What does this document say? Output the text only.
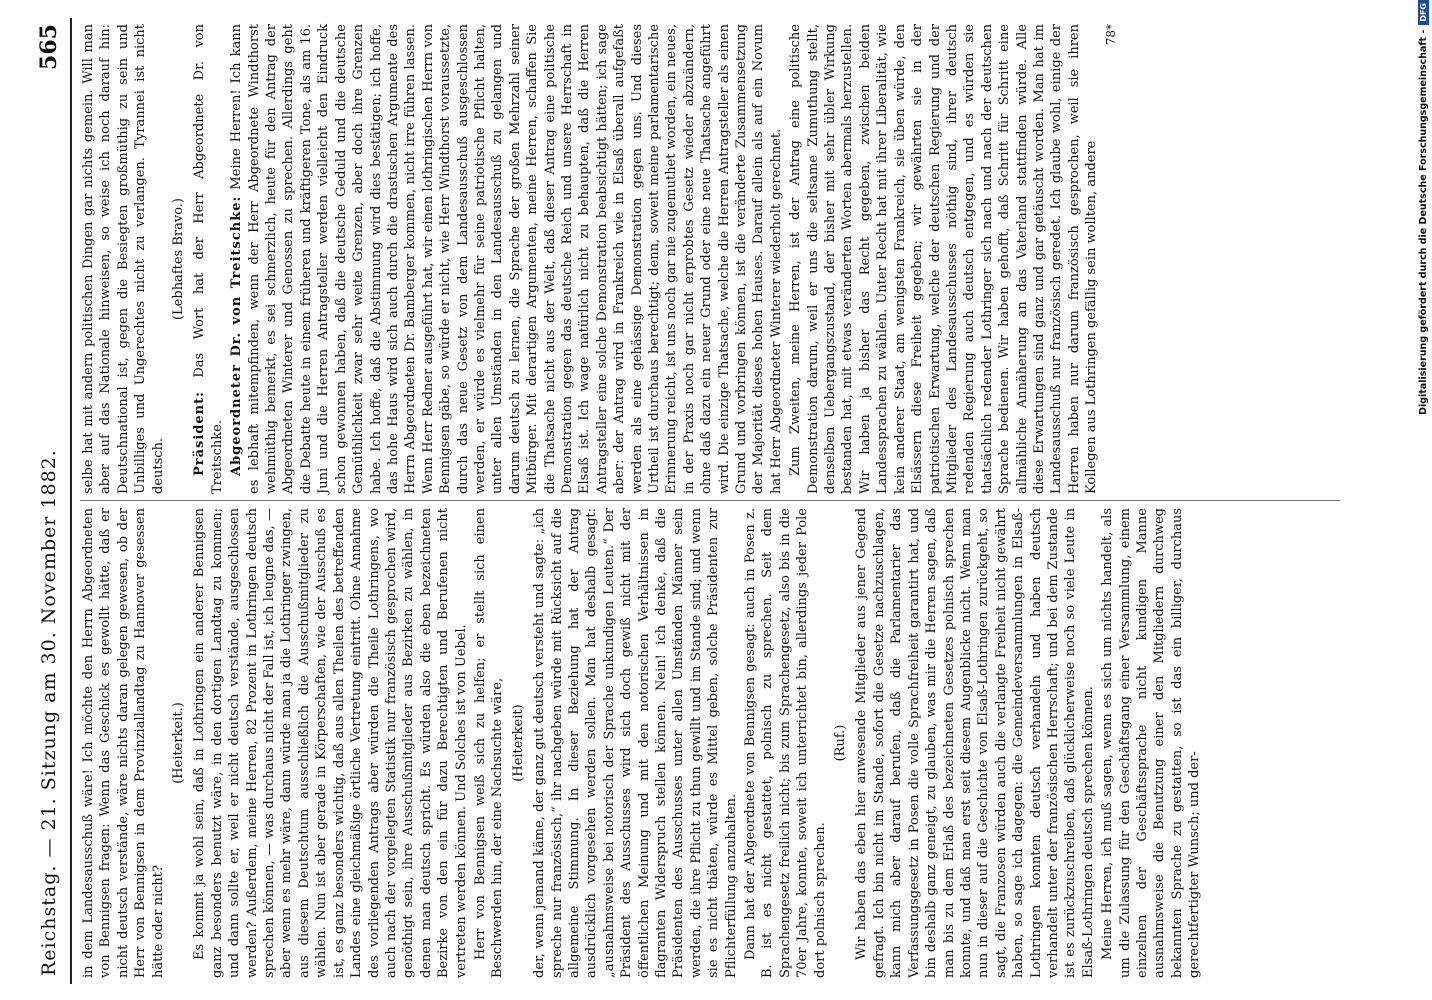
Reichstag. — 21. Sitzung am 30. November 1882.
565

in dem Landesausschuß wäre! Ich möchte den Herrn Abgeordneten von Bennigsen fragen: Wenn das Geschick es gewollt hätte, daß er nicht deutsch verstände, wäre nichts daran gelegen gewesen, ob der Herr von Bennigsen in dem Provinziallandtag zu Hannover gesessen hätte oder nicht?

(Heiterkeit.) Es kommt ja wohl sein, daß in Lothringen ein anderer Bennigsen ganz besonders benutzt wäre, in den dortigen Landtag zu kommen; und dann sollte er, weil er nicht deutsch verstände, ausgeschlossen werden? Außerdem, meine Herren, 82 Prozent in Lothringen deutsch sprechen können, — was durchaus nicht der Fall ist, ich leugne das, — aber wenn es mehr wäre, dann würde man ja die Lothringer zwingen, aus diesem Deutschtum ausschließlich die Ausschußmitglieder zu wählen. Nun ist aber gerade in Körperschaften, wie der Ausschuß es ist, es ganz besonders wichtig, daß aus allen Theilen des betreffenden Landes eine gleichmäßige örtliche Vertretung eintritt. Ohne Annahme des vorliegenden Antrags aber würden die Theile Lothringens, wo auch nach der vorgelegten Statistik nur französisch gesprochen wird, genöthigt sein, ihre Ausschußmitglieder aus Bezirken zu wählen, in denen man deutsch spricht. Es würden also die eben bezeichneten Bezirke von den ein für dazu Berechtigten und Berufenen nicht vertreten werden können. Und Solches ist von Uebel. Herr von Bennigsen weiß sich zu helfen; er stellt sich einen Beschwerden hin, der eine Nachsuchte wäre, (Heiterkeit) der, wenn jemand käme, der ganz gut deutsch versteht und sagte: „ich spreche nur französisch,“ ihr nachgeben würde mit Rücksicht auf die allgemeine Stimmung. In dieser Beziehung hat der Antrag ausdrücklich vorgesehen werden sollen. Man hat deshalb gesagt: „ausnahmsweise bei notorisch der Sprache unkundigen Leuten.“ Der Präsident des Ausschusses wird sich doch gewiß nicht mit der öffentlichen Meinung und mit den notorischen Verhältnissen in flagranten Widerspruch stellen können. Nein! ich denke, daß die Präsidenten des Ausschusses unter allen Umständen Männer sein werden, die ihre Pflicht zu thun gewillt und im Stande sind; und wenn sie es nicht thäten, würde es Mittel geben, solche Präsidenten zur Pflichterfüllung anzuhalten. Dann hat der Abgeordnete von Bennigsen gesagt: auch in Posen z. B. ist es nicht gestattet, polnisch zu sprechen. Seit dem Sprachengesetz freilich nicht; bis zum Sprachengesetz, also bis in die 70er Jahre, konnte, soweit ich unterrichtet bin, allerdings jeder Pole dort polnisch sprechen.

(Ruf.) Wir haben das eben hier anwesende Mitglieder aus jener Gegend gefragt. Ich bin nicht im Stande, sofort die Gesetze nachzuschlagen, kann mich aber darauf berufen, daß die Parlamentarier das Verfassungsgesetz in Posen die volle Sprachfreiheit garantirt hat, und bin deshalb ganz geneigt, zu glauben, was mir die Herren sagen, daß man bis zu dem Erlaß des bezeichneten Gesetzes polnisch sprechen konnte, und daß man erst seit diesem Augenblicke nicht. Wenn man nun in dieser auf die Geschichte von Elsaß-Lothringen zurückgeht, so sagt, die Franzosen würden auch die verlangte Freiheit nicht gewährt haben, so sage ich dagegen: die Gemeindeversammlungen in Elsaß-Lothringen konnten deutsch verhandeln und haben deutsch verhandelt unter der französischen Herrschaft; und bei dem Zustande ist es zurückzuschreiben, daß glücklicherweise noch so viele Leute in Elsaß-Lothringen deutsch sprechen können. Meine Herren, ich muß sagen, wenn es sich um nichts handelt, als um die Zulassung für den Geschäftsgang einer Versammlung, einem einzelnen der Geschäftssprache nicht kundigen Manne ausnahmsweise die Benutzung einer den Mitgliedern durchweg bekannten Sprache zu gestatten, so ist das ein billiger, durchaus gerechtfertigter Wunsch; und der-

selbe hat mit andern politischen Dingen gar nichts gemein. Will man aber auf das Nationale hinweisen, so weise ich noch darauf hin: Deutschnational ist, gegen die Besiegten großmüthig zu sein und Unbilliges und Ungerechtes nicht zu verlangen. Tyrannei ist nicht deutsch.

(Lebhaftes Bravo.)

Präsident: Das Wort hat der Herr Abgeordnete Dr. von Treitschke. Abgeordneter Dr. von Treitschke: Meine Herren! Ich kann es lebhaft mitempfinden, wenn der Herr Abgeordnete Windthorst wehmüthig bemerkt, es sei schmerzlich, heute für den Antrag der Abgeordneten Winterer und Genossen zu sprechen. Allerdings geht die Debatte heute in einem früheren und kräftigeren Tone, als am 16. Juni und die Herren Antragsteller werden vielleicht den Eindruck schon gewonnen haben, daß die deutsche Geduld und die deutsche Gemüthlichkeit zwar sehr weite Grenzen, aber doch ihre Grenzen habe. Ich hoffe, daß die Abstimmung wird dies bestätigen; ich hoffe, das hohe Haus wird sich auch durch die drastischen Argumente des Herrn Abgeordneten Dr. Bamberger kommen, nicht irre führen lassen. Wenn Herr Redner ausgeführt hat, wir einen lothringischen Herrn von Bennigsen gäbe, so würde er nicht, wie Herr Windthorst voraussetzte, durch das neue Gesetz von dem Landesausschuß ausgeschlossen werden, er würde es vielmehr für seine patriotische Pflicht halten, unter allen Umständen in den Landesausschuß zu gelangen und darum deutsch zu lernen, die Sprache der großen Mehrzahl seiner Mitbürger. Mit derartigen Argumenten, meine Herren, schaffen Sie die Thatsache nicht aus der Welt, daß dieser Antrag eine politische Demonstration gegen das deutsche Reich und unsere Herrschaft in Elsaß ist. Ich wage natürlich nicht zu behaupten, daß die Herren Antragsteller eine solche Demonstration beabsichtigt hätten; ich sage aber: der Antrag wird in Frankreich wie in Elsaß überall aufgefaßt werden als eine gehässige Demonstration gegen uns. Und dieses Urtheil ist durchaus berechtigt; denn, soweit meine parlamentarische Erinnerung reicht, ist uns noch gar nie zugemuthet worden, ein neues, in der Praxis noch gar nicht erprobtes Gesetz wieder abzuändern, ohne daß dazu ein neuer Grund oder eine neue Thatsache angeführt wird. Die einzige Thatsache, welche die Herren Antragsteller als einen Grund und vorbringen können, ist die veränderte Zusammensetzung der Majorität dieses hohen Hauses. Darauf allein als auf ein Novum hat Herr Abgeordneter Winterer wiederholt gerechnet. Zum Zweiten, meine Herren, ist der Antrag eine politische Demonstration darum, weil er uns die seltsame Zumuthung stellt, denselben Uebergangszustand, der bisher mit sehr übler Wirkung bestanden hat, mit etwas veränderten Worten abermals herzustellen. Wir haben ja bisher das Recht gegeben, zwischen beiden Landessprachen zu wählen. Unter Recht hat mit ihrer Liberalität, wie kein anderer Staat, am wenigsten Frankreich, sie üben würde, den Elsässern diese Freiheit gegeben; wir gewährten sie in der patriotischen Erwartung, welche der deutschen Regierung und der Mitglieder des Landesausschusses nöthig sind, ihrer deutsch redenden Regierung auch deutsch entgegen, und es würden sie thatsächlich redender Lothringer sich nach und nach der deutschen Sprache bedienen. Wir haben gehofft, daß Schritt für Schritt eine allmähliche Annäherung an das Vaterland stattfinden würde. Alle diese Erwartungen sind ganz und gar getäuscht worden. Man hat im Landesausschuß nur französisch geredet. Ich glaube wohl, einige der Herren haben nur darum französisch gesprochen, weil sie ihren Kollegen aus Lothringen gefällig sein wollten, andere

78*	Digitalisierung gefördert durch die Deutsche Forschungsgemeinschaft -
DFG
